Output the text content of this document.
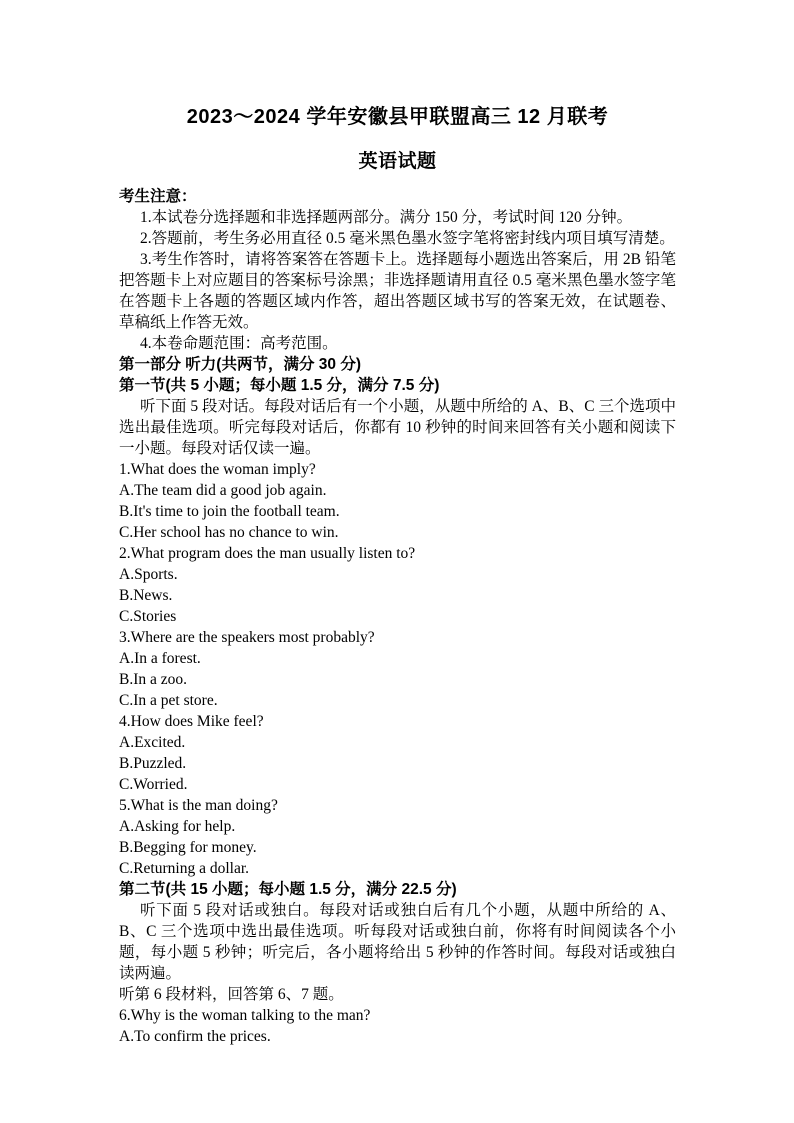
2023～2024 学年安徽县甲联盟高三 12 月联考
英语试题
考生注意：

1.本试卷分选择题和非选择题两部分。满分 150 分，考试时间 120 分钟。

2.答题前，考生务必用直径 0.5 毫米黑色墨水签字笔将密封线内项目填写清楚。

3.考生作答时，请将答案答在答题卡上。选择题每小题选出答案后，用 2B 铅笔把答题卡上对应题目的答案标号涂黑；非选择题请用直径 0.5 毫米黑色墨水签字笔在答题卡上各题的答题区域内作答，超出答题区域书写的答案无效，在试题卷、草稿纸上作答无效。

4.本卷命题范围：高考范围。

第一部分 听力(共两节，满分 30 分)
第一节(共 5 小题；每小题 1.5 分，满分 7.5 分)

听下面 5 段对话。每段对话后有一个小题，从题中所给的 A、B、C 三个选项中选出最佳选项。听完每段对话后，你都有 10 秒钟的时间来回答有关小题和阅读下一小题。每段对话仅读一遍。

1.What does the woman imply?
A.The team did a good job again.
B.It's time to join the football team.
C.Her school has no chance to win.
2.What program does the man usually listen to?
A.Sports.
B.News.
C.Stories
3.Where are the speakers most probably?
A.In a forest.
B.In a zoo.
C.In a pet store.
4.How does Mike feel?
A.Excited.
B.Puzzled.
C.Worried.
5.What is the man doing?
A.Asking for help.
B.Begging for money.
C.Returning a dollar.
第二节(共 15 小题；每小题 1.5 分，满分 22.5 分)

听下面 5 段对话或独白。每段对话或独白后有几个小题，从题中所给的 A、B、C 三个选项中选出最佳选项。听每段对话或独白前，你将有时间阅读各个小题，每小题 5 秒钟；听完后，各小题将给出 5 秒钟的作答时间。每段对话或独白读两遍。

听第 6 段材料，回答第 6、7 题。
6.Why is the woman talking to the man?
A.To confirm the prices.
